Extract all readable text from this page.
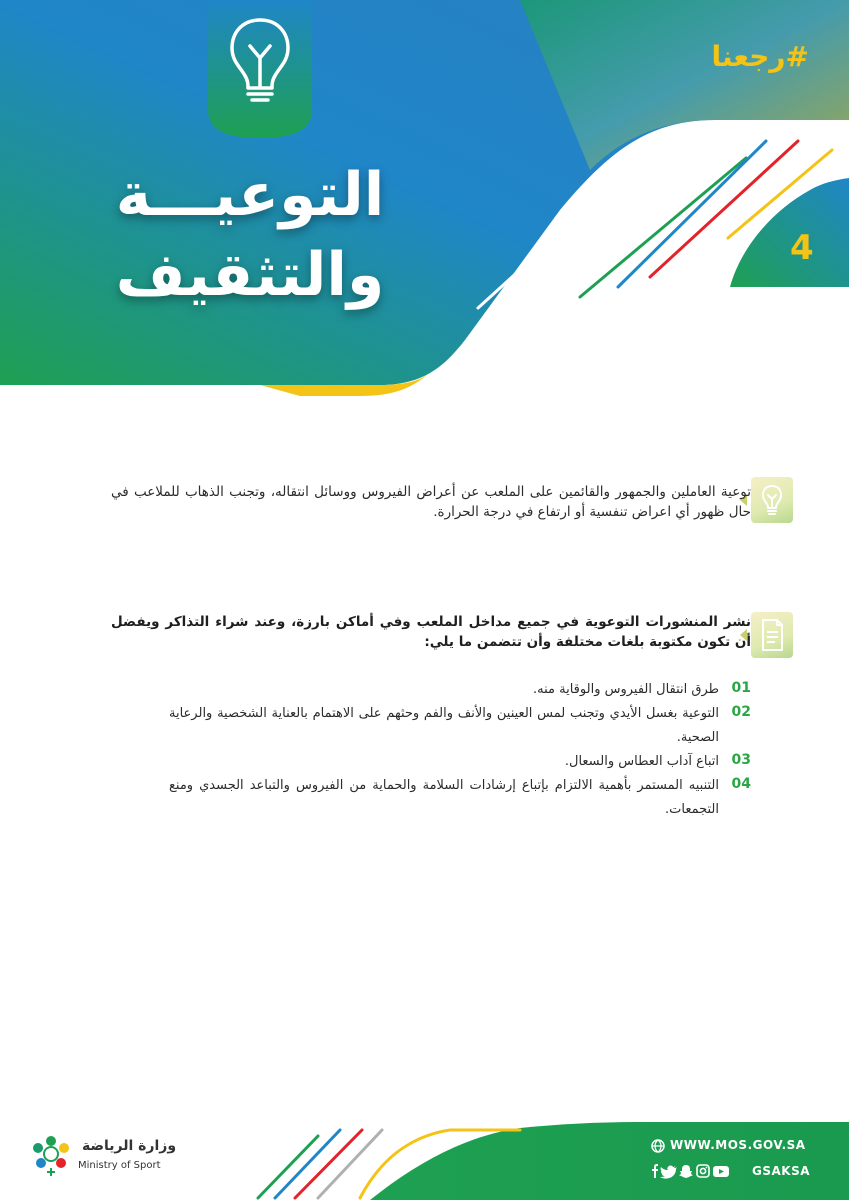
#رجعنا
التوعيـــة
والتثقيف	4
توعية العاملين والجمهور والقائمين على الملعب عن أعراض الفيروس ووسائل انتقاله، وتجنب الذهاب للملاعب في حال ظهور أي اعراض تنفسية أو ارتفاع في درجة الحرارة.
نشر المنشورات التوعوية في جميع مداخل الملعب وفي أماكن بارزة، وعند شراء التذاكر ويفضل أن تكون مكتوبة بلغات مختلفة وأن تتضمن ما يلي:
01
طرق انتقال الفيروس والوقاية منه.
02
التوعية بغسل الأيدي وتجنب لمس العينين والأنف والفم وحثهم على الاهتمام بالعناية الشخصية والرعاية الصحية.
03
اتباع آداب العطاس والسعال.
04
التنبيه المستمر بأهمية الالتزام بإتباع إرشادات السلامة والحماية من الفيروس والتباعد الجسدي ومنع التجمعات.
وزارة الرياضة
Ministry of Sport
WWW.MOS.GOV.SA
GSAKSA
